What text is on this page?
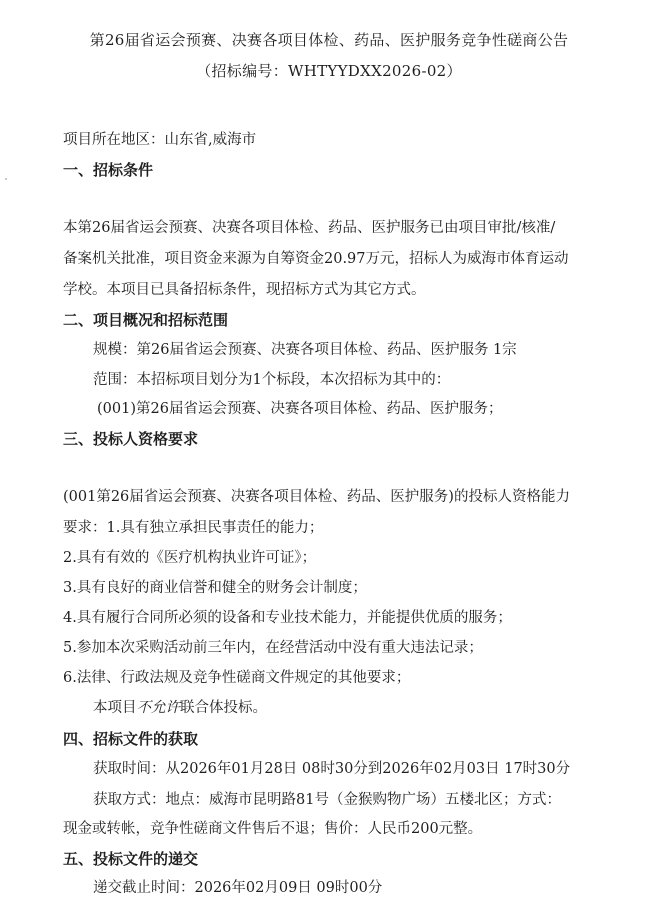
第26届省运会预赛、决赛各项目体检、药品、医护服务竞争性磋商公告
（招标编号：WHTYYDXX2026-02）
项目所在地区：山东省,威海市
一、招标条件
本第26届省运会预赛、决赛各项目体检、药品、医护服务已由项目审批/核准/
备案机关批准，项目资金来源为自筹资金20.97万元，招标人为威海市体育运动
学校。本项目已具备招标条件，现招标方式为其它方式。
二、项目概况和招标范围
规模：第26届省运会预赛、决赛各项目体检、药品、医护服务 1宗
范围：本招标项目划分为1个标段，本次招标为其中的：
(001)第26届省运会预赛、决赛各项目体检、药品、医护服务；
三、投标人资格要求
(001第26届省运会预赛、决赛各项目体检、药品、医护服务)的投标人资格能力
要求：1.具有独立承担民事责任的能力；
2.具有有效的《医疗机构执业许可证》；
3.具有良好的商业信誉和健全的财务会计制度；
4.具有履行合同所必须的设备和专业技术能力，并能提供优质的服务；
5.参加本次采购活动前三年内，在经营活动中没有重大违法记录；
6.法律、行政法规及竞争性磋商文件规定的其他要求；
本项目不允许联合体投标。
四、招标文件的获取
获取时间：从2026年01月28日 08时30分到2026年02月03日 17时30分
获取方式：地点：威海市昆明路81号（金猴购物广场）五楼北区；方式：
现金或转帐，竞争性磋商文件售后不退；售价：人民币200元整。
五、投标文件的递交
递交截止时间：2026年02月09日 09时00分
